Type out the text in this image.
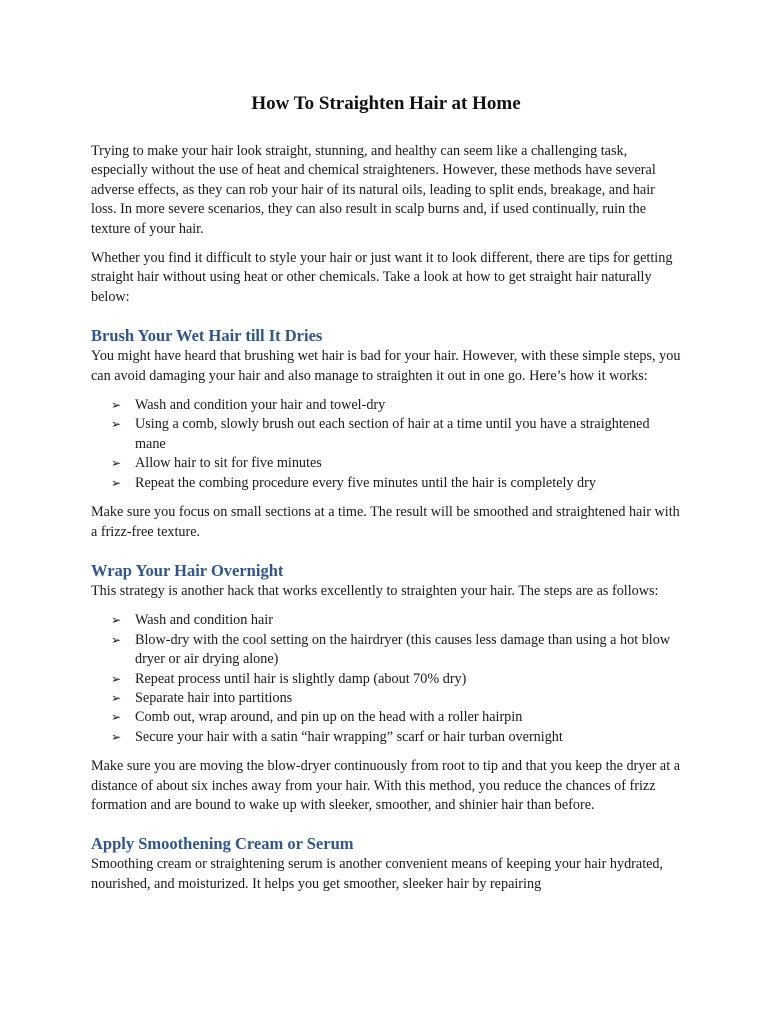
How To Straighten Hair at Home

Trying to make your hair look straight, stunning, and healthy can seem like a challenging task, especially without the use of heat and chemical straighteners. However, these methods have several adverse effects, as they can rob your hair of its natural oils, leading to split ends, breakage, and hair loss. In more severe scenarios, they can also result in scalp burns and, if used continually, ruin the texture of your hair.

Whether you find it difficult to style your hair or just want it to look different, there are tips for getting straight hair without using heat or other chemicals. Take a look at how to get straight hair naturally below:

Brush Your Wet Hair till It Dries

You might have heard that brushing wet hair is bad for your hair. However, with these simple steps, you can avoid damaging your hair and also manage to straighten it out in one go. Here’s how it works:

➢ Wash and condition your hair and towel-dry
➢ Using a comb, slowly brush out each section of hair at a time until you have a straightened mane
➢ Allow hair to sit for five minutes
➢ Repeat the combing procedure every five minutes until the hair is completely dry

Make sure you focus on small sections at a time. The result will be smoothed and straightened hair with a frizz-free texture.

Wrap Your Hair Overnight

This strategy is another hack that works excellently to straighten your hair. The steps are as follows:

➢ Wash and condition hair
➢ Blow-dry with the cool setting on the hairdryer (this causes less damage than using a hot blow dryer or air drying alone)
➢ Repeat process until hair is slightly damp (about 70% dry)
➢ Separate hair into partitions
➢ Comb out, wrap around, and pin up on the head with a roller hairpin
➢ Secure your hair with a satin “hair wrapping” scarf or hair turban overnight

Make sure you are moving the blow-dryer continuously from root to tip and that you keep the dryer at a distance of about six inches away from your hair. With this method, you reduce the chances of frizz formation and are bound to wake up with sleeker, smoother, and shinier hair than before.

Apply Smoothening Cream or Serum

Smoothing cream or straightening serum is another convenient means of keeping your hair hydrated, nourished, and moisturized. It helps you get smoother, sleeker hair by repairing
